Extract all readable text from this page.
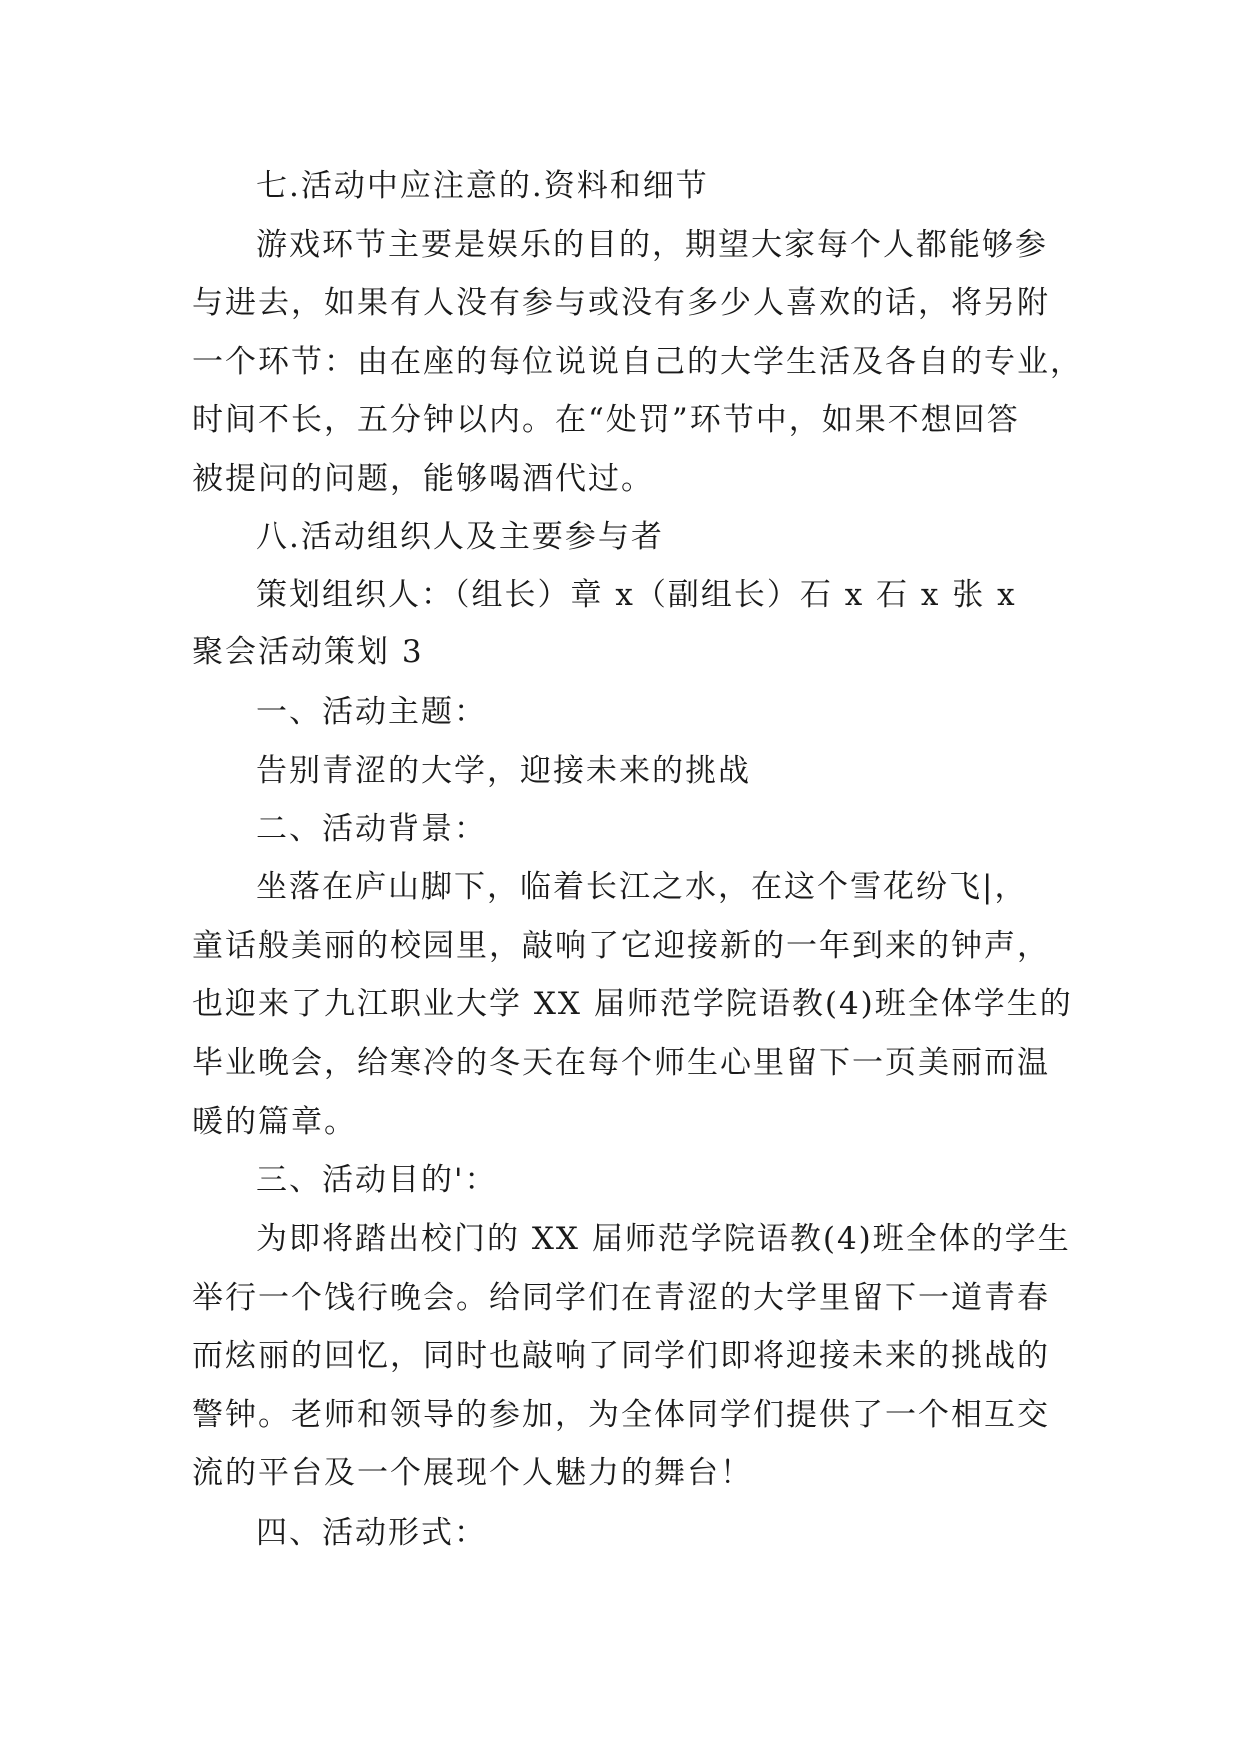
七.活动中应注意的.资料和细节
游戏环节主要是娱乐的目的，期望大家每个人都能够参
与进去，如果有人没有参与或没有多少人喜欢的话，将另附
一个环节：由在座的每位说说自己的大学生活及各自的专业，
时间不长，五分钟以内。在“处罚”环节中，如果不想回答
被提问的问题，能够喝酒代过。
八.活动组织人及主要参与者
策划组织人：（组长）章 x（副组长）石 x 石 x 张 x
聚会活动策划 3
一、活动主题：
告别青涩的大学，迎接未来的挑战
二、活动背景：
坐落在庐山脚下，临着长江之水，在这个雪花纷飞|，
童话般美丽的校园里，敲响了它迎接新的一年到来的钟声，
也迎来了九江职业大学 XX 届师范学院语教(4)班全体学生的
毕业晚会，给寒冷的冬天在每个师生心里留下一页美丽而温
暖的篇章。
三、活动目的'：
为即将踏出校门的 XX 届师范学院语教(4)班全体的学生
举行一个饯行晚会。给同学们在青涩的大学里留下一道青春
而炫丽的回忆，同时也敲响了同学们即将迎接未来的挑战的
警钟。老师和领导的参加，为全体同学们提供了一个相互交
流的平台及一个展现个人魅力的舞台！
四、活动形式：
